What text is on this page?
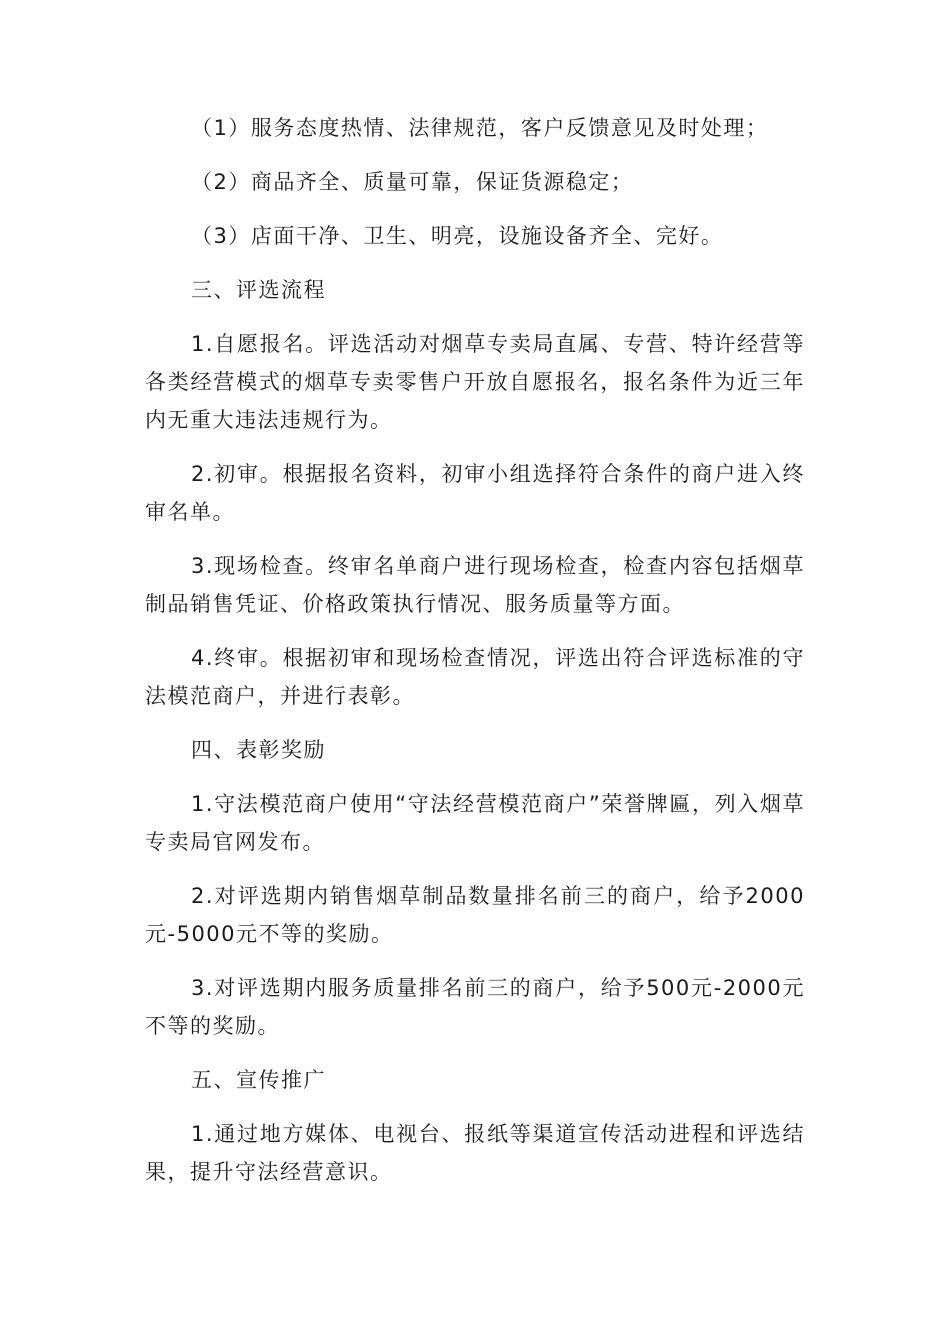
（1）服务态度热情、法律规范，客户反馈意见及时处理；

（2）商品齐全、质量可靠，保证货源稳定；

（3）店面干净、卫生、明亮，设施设备齐全、完好。

三、评选流程

1.自愿报名。评选活动对烟草专卖局直属、专营、特许经营等各类经营模式的烟草专卖零售户开放自愿报名，报名条件为近三年内无重大违法违规行为。

2.初审。根据报名资料，初审小组选择符合条件的商户进入终审名单。

3.现场检查。终审名单商户进行现场检查，检查内容包括烟草制品销售凭证、价格政策执行情况、服务质量等方面。

4.终审。根据初审和现场检查情况，评选出符合评选标准的守法模范商户，并进行表彰。

四、表彰奖励

1.守法模范商户使用“守法经营模范商户”荣誉牌匾，列入烟草专卖局官网发布。

2.对评选期内销售烟草制品数量排名前三的商户，给予2000元-5000元不等的奖励。

3.对评选期内服务质量排名前三的商户，给予500元-2000元不等的奖励。

五、宣传推广

1.通过地方媒体、电视台、报纸等渠道宣传活动进程和评选结果，提升守法经营意识。
